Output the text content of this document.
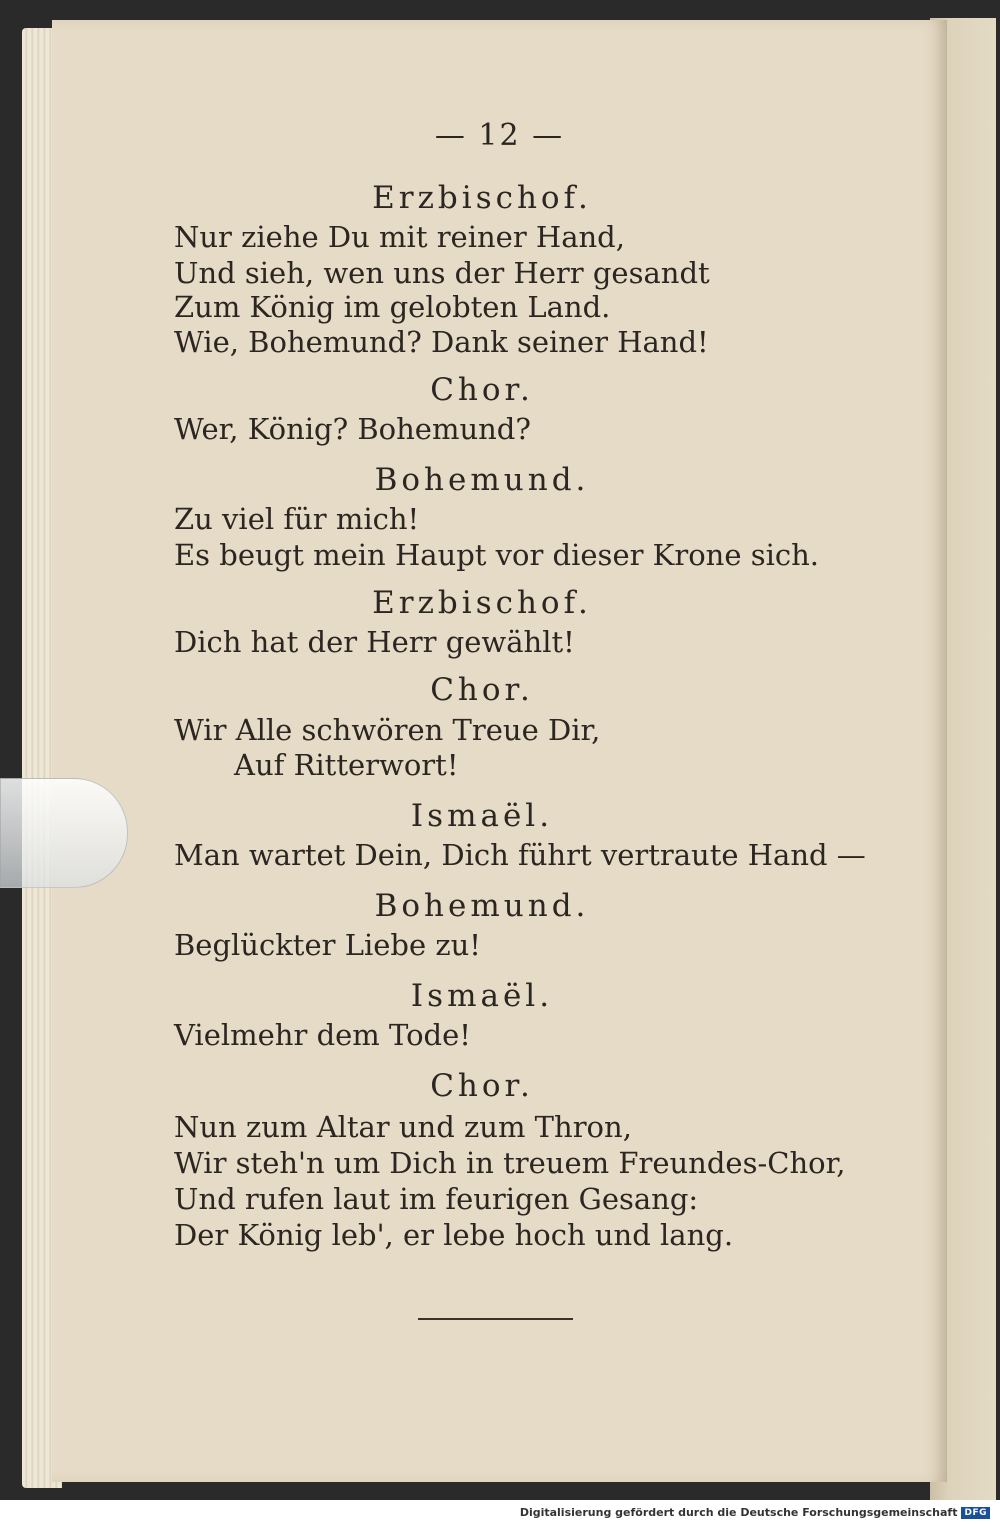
— 12 —
Erzbischof.
Nur ziehe Du mit reiner Hand,
Und sieh, wen uns der Herr gesandt
Zum König im gelobten Land.
Wie, Bohemund? Dank seiner Hand!
Chor.
Wer, König? Bohemund?
Bohemund.
Zu viel für mich!
Es beugt mein Haupt vor dieser Krone sich.
Erzbischof.
Dich hat der Herr gewählt!
Chor.
Wir Alle schwören Treue Dir,
Auf Ritterwort!
Ismaël.
Man wartet Dein, Dich führt vertraute Hand —
Bohemund.
Beglückter Liebe zu!
Ismaël.
Vielmehr dem Tode!
Chor.
Nun zum Altar und zum Thron,
Wir steh'n um Dich in treuem Freundes-Chor,
Und rufen laut im feurigen Gesang:
Der König leb', er lebe hoch und lang.
Digitalisierung gefördert durch die Deutsche Forschungsgemeinschaft DFG
